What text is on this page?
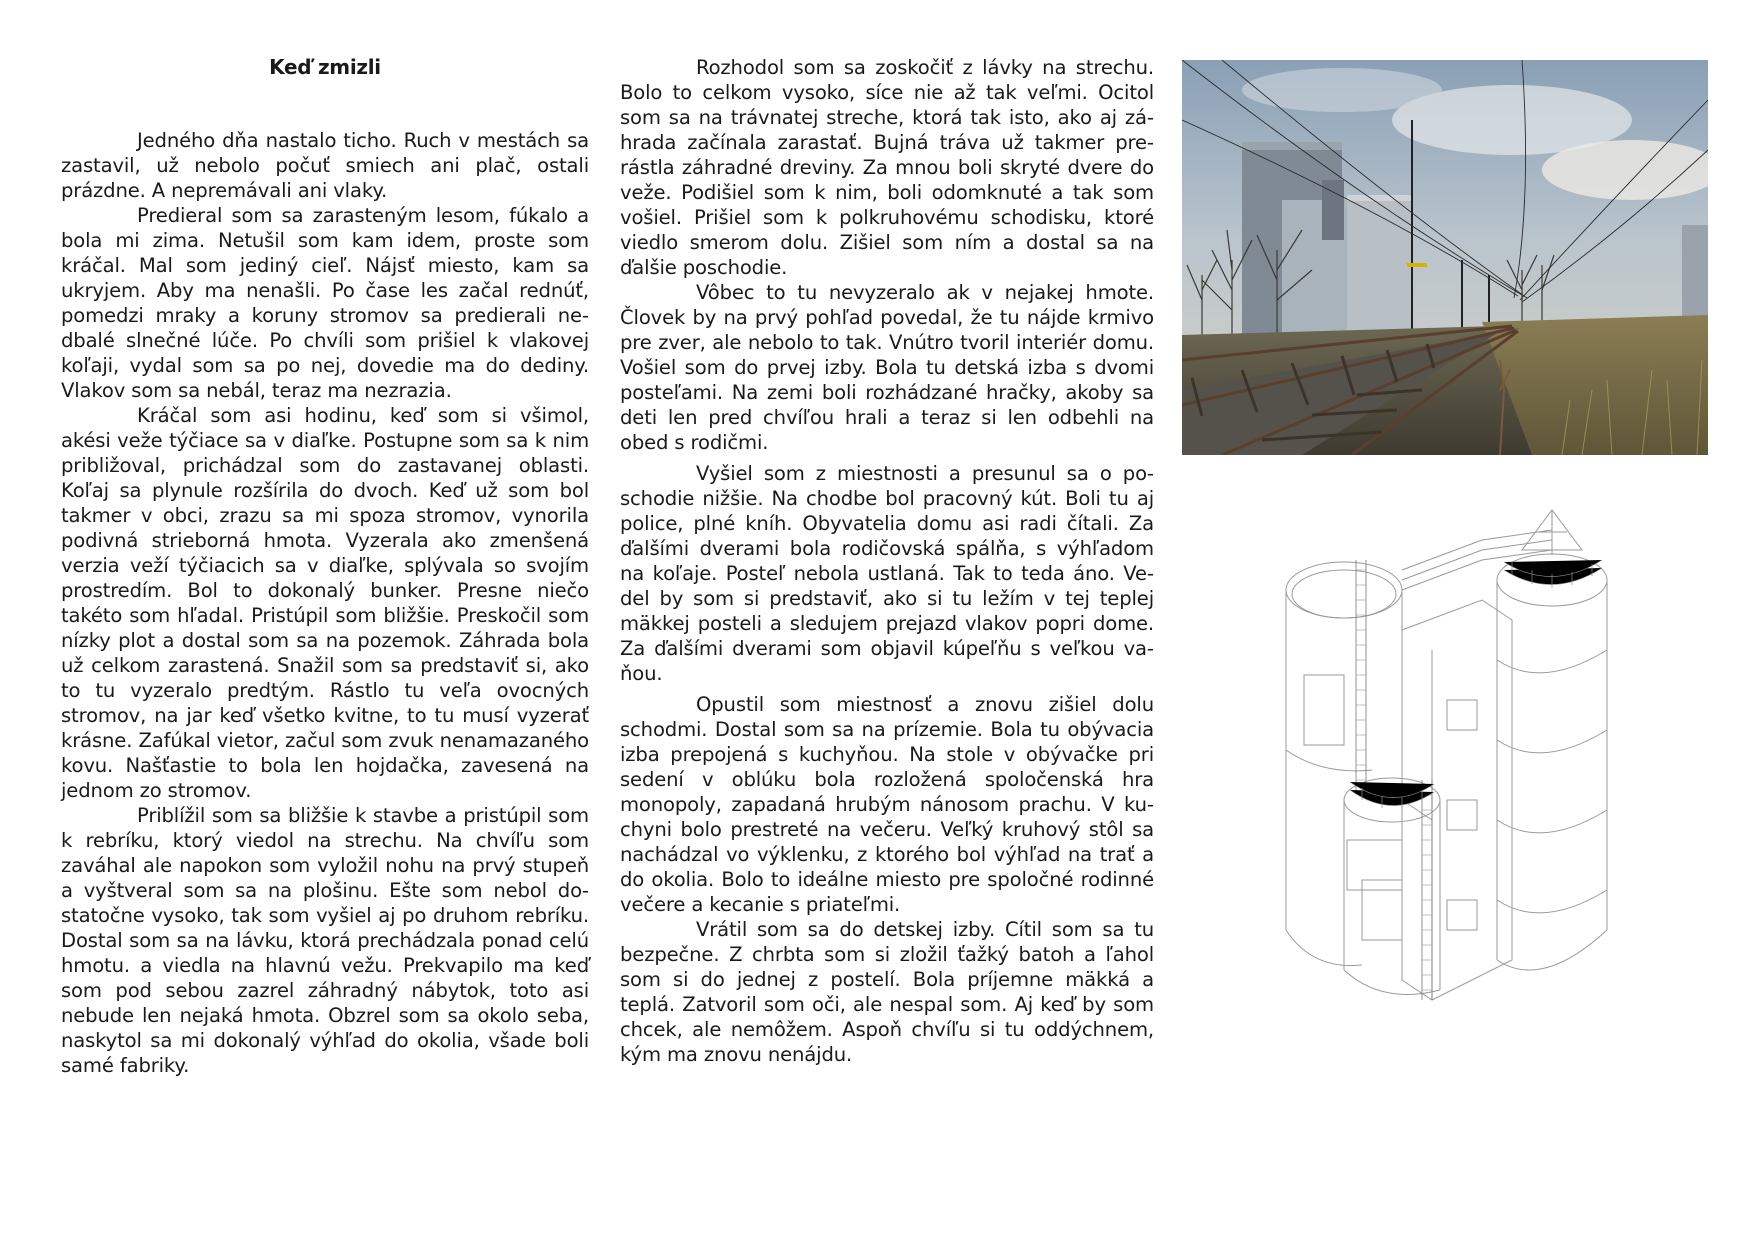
Keď zmizli

Jedného dňa nastalo ticho. Ruch v mestách sa zastavil, už nebolo počuť smiech ani plač, ostali prázdne. A nepremávali ani vlaky.

Predieral som sa zarasteným lesom, fúkalo a bola mi zima. Netušil som kam idem, proste som kráčal. Mal som jediný cieľ. Nájsť miesto, kam sa ukryjem. Aby ma nenašli. Po čase les začal rednúť, pomedzi mraky a koruny stromov sa predierali nedbalé slnečné lúče. Po chvíli som prišiel k vlakovej koľaji, vydal som sa po nej, dovedie ma do dediny. Vlakov som sa nebál, teraz ma nezrazia.

Kráčal som asi hodinu, keď som si všimol, akési veže týčiace sa v diaľke. Postupne som sa k nim približoval, prichádzal som do zastavanej oblasti. Koľaj sa plynule rozšírila do dvoch. Keď už som bol takmer v obci, zrazu sa mi spoza stromov, vynorila podivná strieborná hmota. Vyzerala ako zmenšená verzia veží týčiacich sa v diaľke, splývala so svojím prostredím. Bol to dokonalý bunker. Presne niečo takéto som hľadal. Pristúpil som bližšie. Preskočil som nízky plot a dostal som sa na pozemok. Záhrada bola už celkom zarastená. Snažil som sa predstaviť si, ako to tu vyzeralo predtým. Rástlo tu veľa ovocných stromov, na jar keď všetko kvitne, to tu musí vyzerať krásne. Zafúkal vietor, začul som zvuk nenamazaného kovu. Našťastie to bola len hojdačka, zavesená na jednom zo stromov.

Priblížil som sa bližšie k stavbe a pristúpil som k rebríku, ktorý viedol na strechu. Na chvíľu som zaváhal ale napokon som vyložil nohu na prvý stupeň a vyštveral som sa na plošinu. Ešte som nebol dostatočne vysoko, tak som vyšiel aj po druhom rebríku. Dostal som sa na lávku, ktorá prechádzala ponad celú hmotu. a viedla na hlavnú vežu. Prekvapilo ma keď som pod sebou zazrel záhradný nábytok, toto asi nebude len nejaká hmota. Obzrel som sa okolo seba, naskytol sa mi dokonalý výhľad do okolia, všade boli samé fabriky.

Rozhodol som sa zoskočiť z lávky na strechu. Bolo to celkom vysoko, síce nie až tak veľmi. Ocitol som sa na trávnatej streche, ktorá tak isto, ako aj záhrada začínala zarastať. Bujná tráva už takmer prerástla záhradné dreviny. Za mnou boli skryté dvere do veže. Podišiel som k nim, boli odomknuté a tak som vošiel. Prišiel som k polkruhovému schodisku, ktoré viedlo smerom dolu. Zišiel som ním a dostal sa na ďalšie poschodie.

Vôbec to tu nevyzeralo ak v nejakej hmote. Človek by na prvý pohľad povedal, že tu nájde krmivo pre zver, ale nebolo to tak. Vnútro tvoril interiér domu. Vošiel som do prvej izby. Bola tu detská izba s dvomi posteľami. Na zemi boli rozhádzané hračky, akoby sa deti len pred chvíľou hrali a teraz si len odbehli na obed s rodičmi.

Vyšiel som z miestnosti a presunul sa o poschodie nižšie. Na chodbe bol pracovný kút. Boli tu aj police, plné kníh. Obyvatelia domu asi radi čítali. Za ďalšími dverami bola rodičovská spálňa, s výhľadom na koľaje. Posteľ nebola ustlaná. Tak to teda áno. Vedel by som si predstaviť, ako si tu ležím v tej teplej mäkkej posteli a sledujem prejazd vlakov popri dome. Za ďalšími dverami som objavil kúpeľňu s veľkou vaňou.

Opustil som miestnosť a znovu zišiel dolu schodmi. Dostal som sa na prízemie. Bola tu obývacia izba prepojená s kuchyňou. Na stole v obývačke pri sedení v oblúku bola rozložená spoločenská hra monopoly, zapadaná hrubým nánosom prachu. V kuchyni bolo prestreté na večeru. Veľký kruhový stôl sa nachádzal vo výklenku, z ktorého bol výhľad na trať a do okolia. Bolo to ideálne miesto pre spoločné rodinné večere a kecanie s priateľmi.

Vrátil som sa do detskej izby. Cítil som sa tu bezpečne. Z chrbta som si zložil ťažký batoh a ľahol som si do jednej z postelí. Bola príjemne mäkká a teplá. Zatvoril som oči, ale nespal som. Aj keď by som chcek, ale nemôžem. Aspoň chvíľu si tu oddýchnem, kým ma znovu nenájdu.
